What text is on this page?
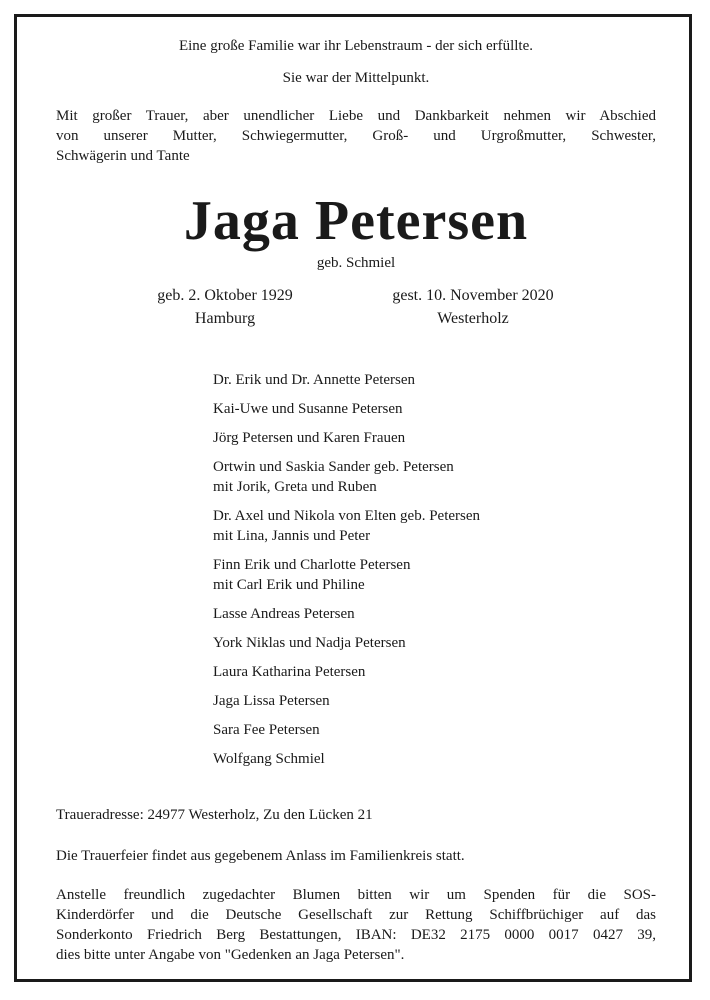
Eine große Familie war ihr Lebenstraum - der sich erfüllte.
Sie war der Mittelpunkt.
Mit großer Trauer, aber unendlicher Liebe und Dankbarkeit nehmen wir Abschied
von unserer Mutter, Schwiegermutter, Groß- und Urgroßmutter, Schwester,
Schwägerin und Tante
Jaga Petersen
geb. Schmiel
geb. 2. Oktober 1929	gest. 10. November 2020
Hamburg	Westerholz
Dr. Erik und Dr. Annette Petersen
Kai-Uwe und Susanne Petersen
Jörg Petersen und Karen Frauen
Ortwin und Saskia Sander geb. Petersen
mit Jorik, Greta und Ruben
Dr. Axel und Nikola von Elten geb. Petersen
mit Lina, Jannis und Peter
Finn Erik und Charlotte Petersen
mit Carl Erik und Philine
Lasse Andreas Petersen
York Niklas und Nadja Petersen
Laura Katharina Petersen
Jaga Lissa Petersen
Sara Fee Petersen
Wolfgang Schmiel
Traueradresse: 24977 Westerholz, Zu den Lücken 21
Die Trauerfeier findet aus gegebenem Anlass im Familienkreis statt.
Anstelle freundlich zugedachter Blumen bitten wir um Spenden für die SOS-
Kinderdörfer und die Deutsche Gesellschaft zur Rettung Schiffbrüchiger auf das
Sonderkonto Friedrich Berg Bestattungen, IBAN: DE32 2175 0000 0017 0427 39,
dies bitte unter Angabe von "Gedenken an Jaga Petersen".
